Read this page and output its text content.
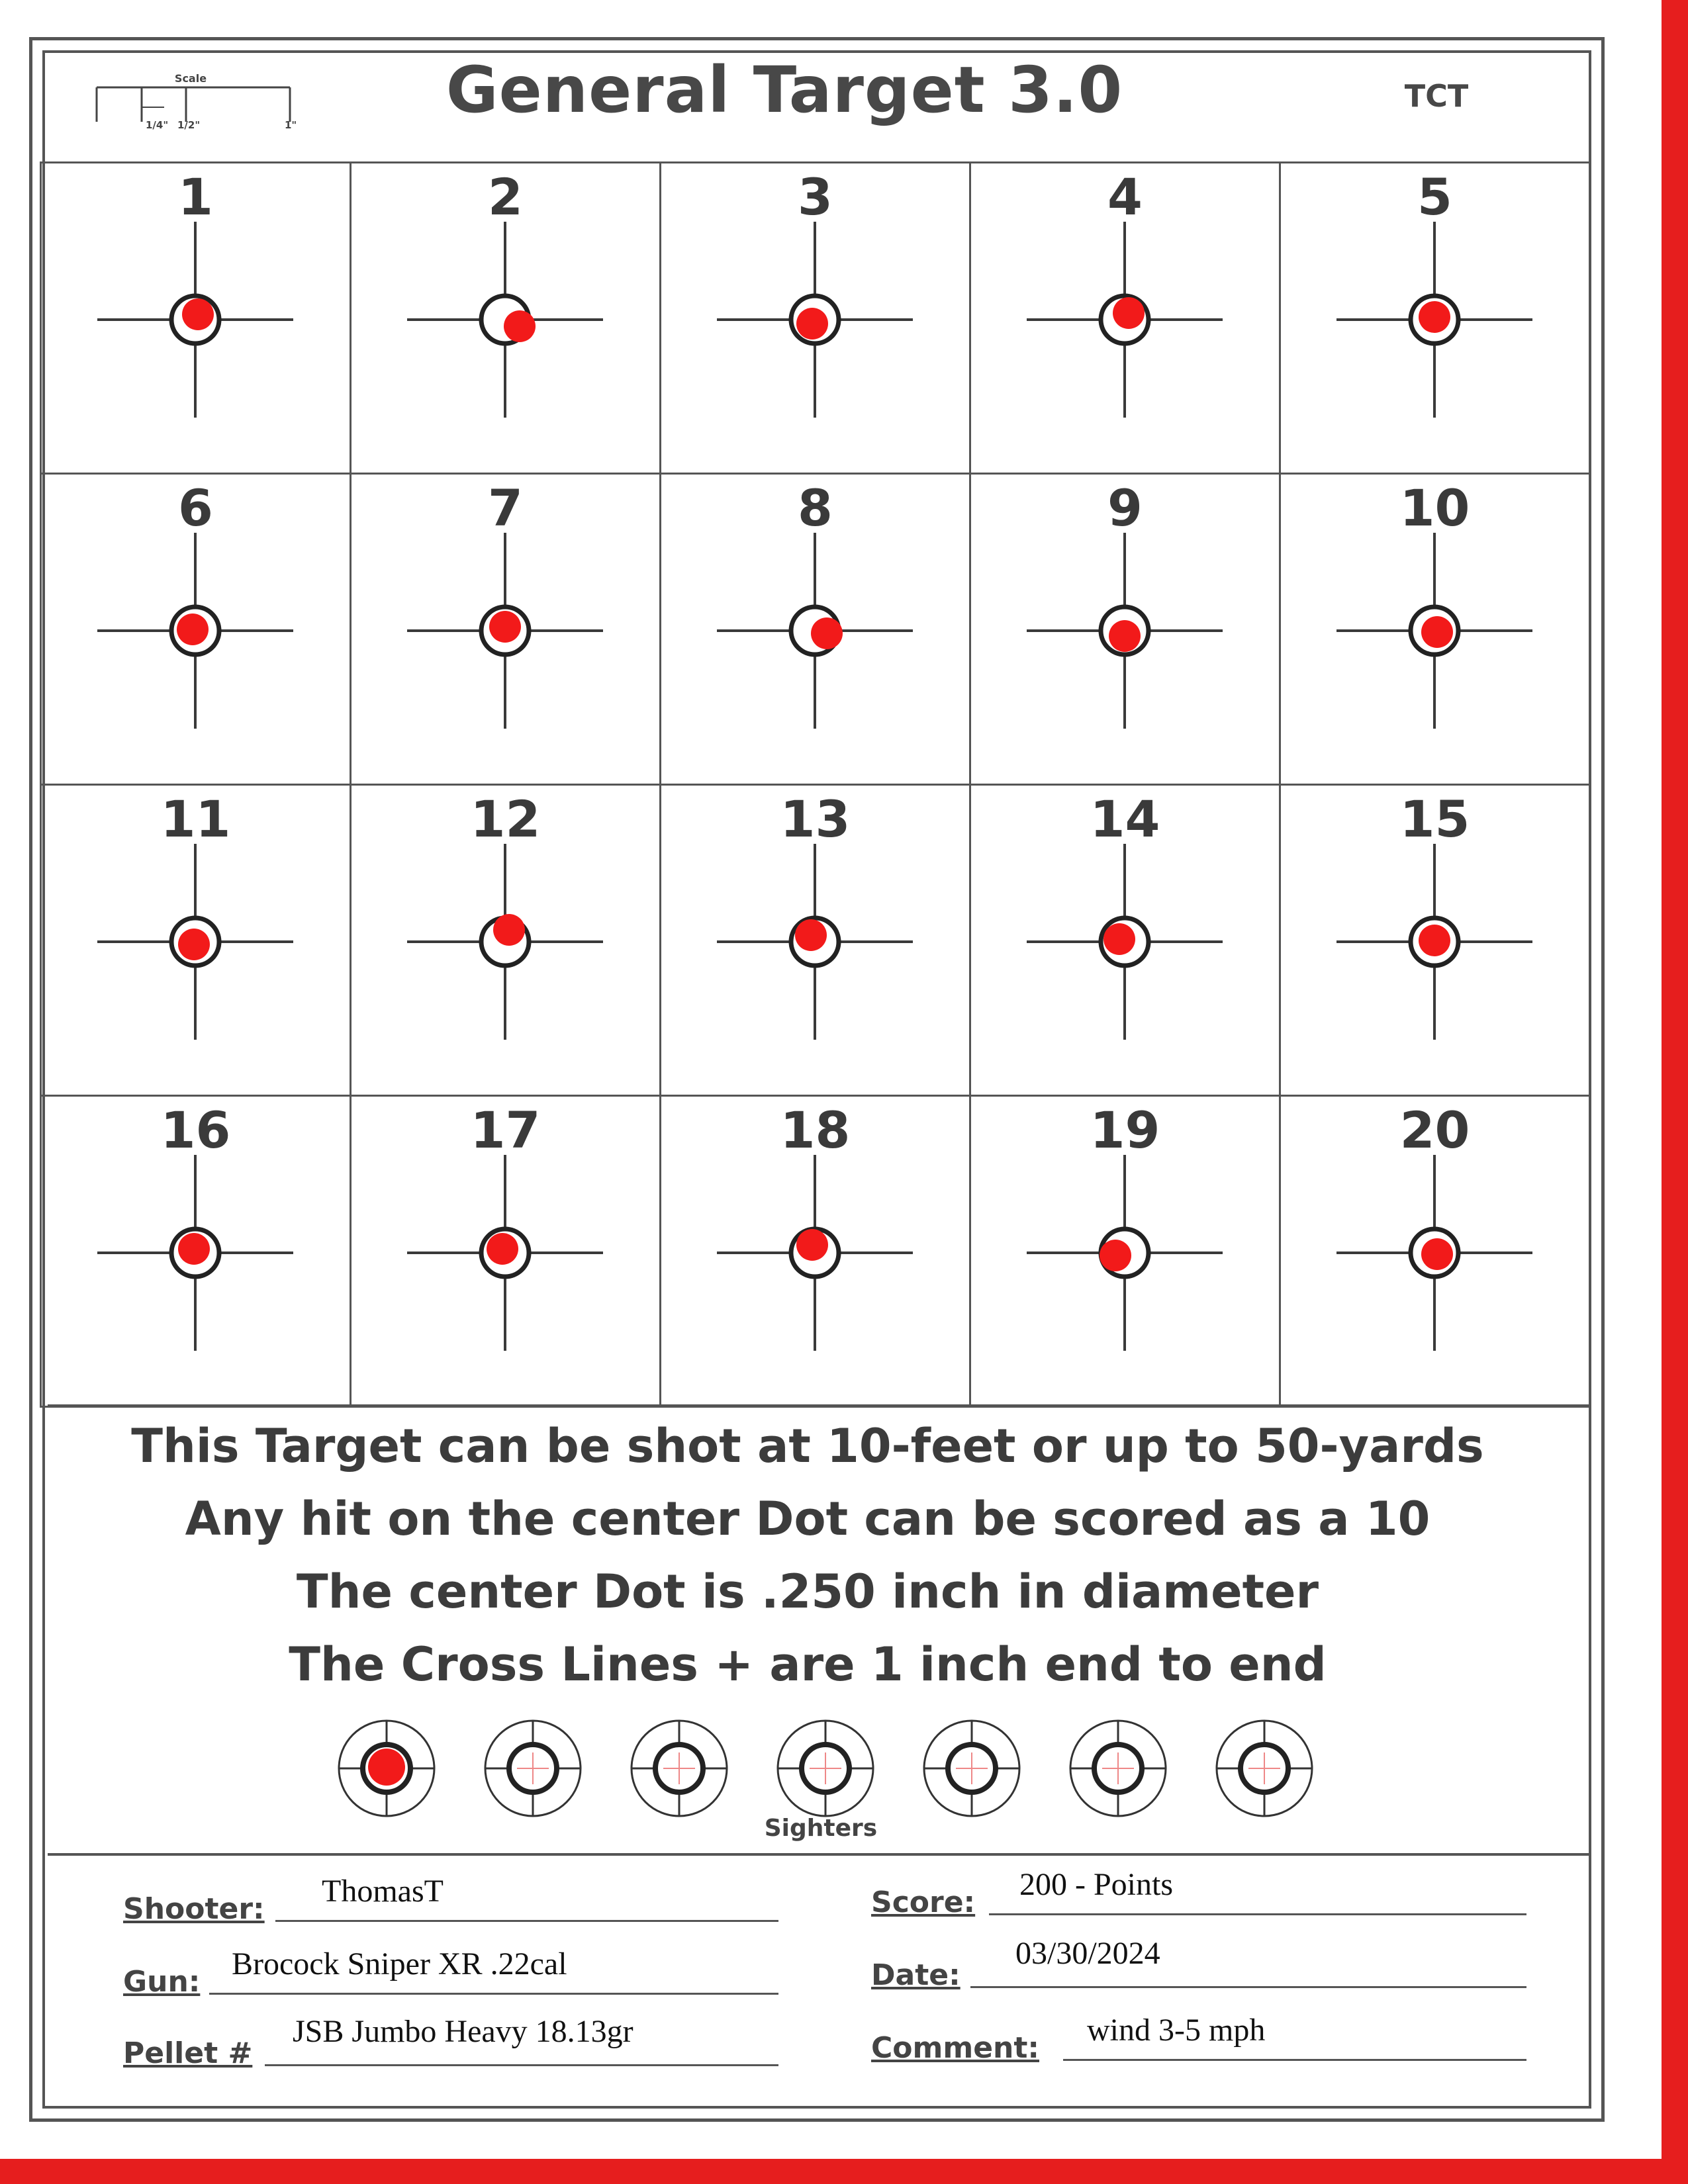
Scale
1/4" 1/2"	1"	General Target 3.0	TCT
1	2	3	4	5
6	7	8	9	10
11	12	13	14	15
16	17	18	19	20
This Target can be shot at 10-feet or up to 50-yards
Any hit on the center Dot can be scored as a 10
The center Dot is .250 inch in diameter
The Cross Lines + are 1 inch end to end
Sighters
Shooter:
ThomasT
Gun:
Brocock Sniper XR .22cal
Pellet #
JSB Jumbo Heavy 18.13gr
Score:
200 - Points
Date:
03/30/2024
Comment:
wind 3-5 mph
